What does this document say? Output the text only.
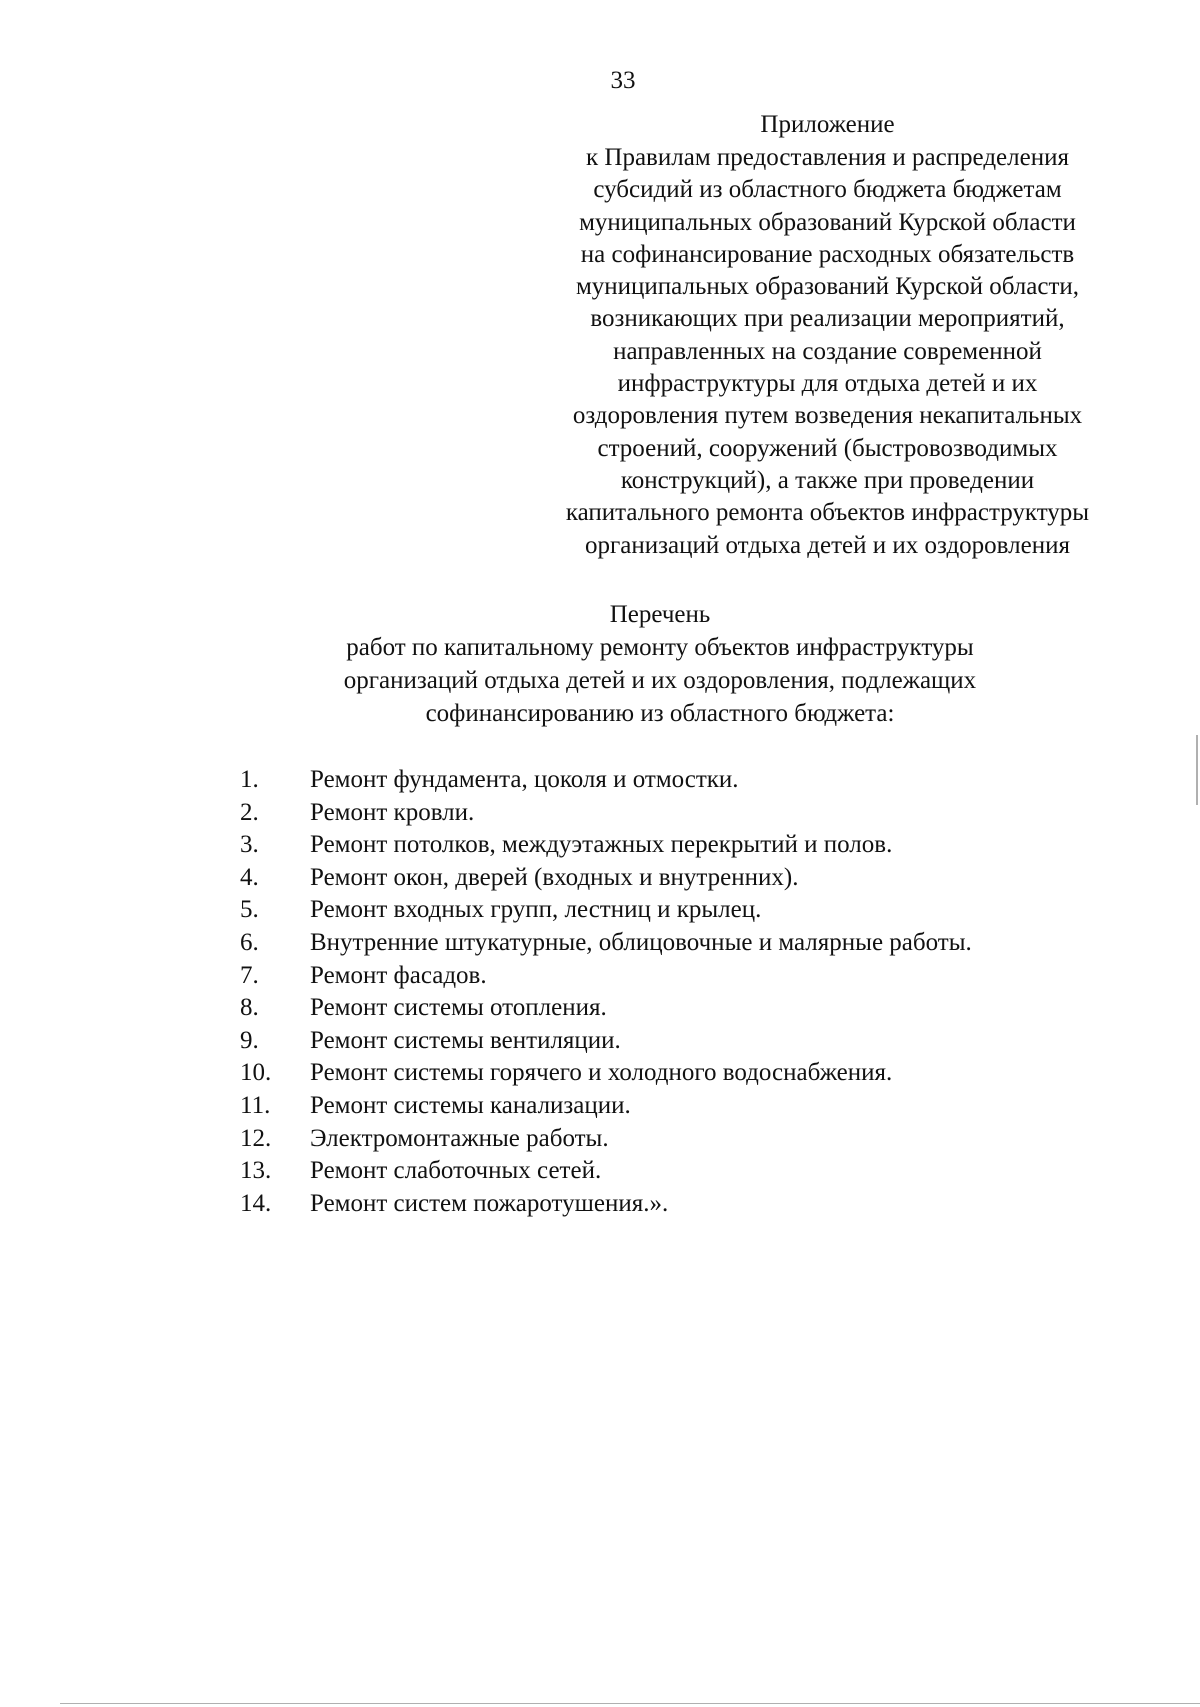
33
Приложение
к Правилам предоставления и распределения
субсидий из областного бюджета бюджетам
муниципальных образований Курской области
на софинансирование расходных обязательств
муниципальных образований Курской области,
возникающих при реализации мероприятий,
направленных на создание современной
инфраструктуры для отдыха детей и их
оздоровления путем возведения некапитальных
строений, сооружений (быстровозводимых
конструкций), а также при проведении
капитального ремонта объектов инфраструктуры
организаций отдыха детей и их оздоровления
Перечень
работ по капитальному ремонту объектов инфраструктуры
организаций отдыха детей и их оздоровления, подлежащих
софинансированию из областного бюджета:
1.	Ремонт фундамента, цоколя и отмостки.
2.	Ремонт кровли.
3.	Ремонт потолков, междуэтажных перекрытий и полов.
4.	Ремонт окон, дверей (входных и внутренних).
5.	Ремонт входных групп, лестниц и крылец.
6.	Внутренние штукатурные, облицовочные и малярные работы.
7.	Ремонт фасадов.
8.	Ремонт системы отопления.
9.	Ремонт системы вентиляции.
10.	Ремонт системы горячего и холодного водоснабжения.
11.	Ремонт системы канализации.
12.	Электромонтажные работы.
13.	Ремонт слаботочных сетей.
14.	Ремонт систем пожаротушения.».
